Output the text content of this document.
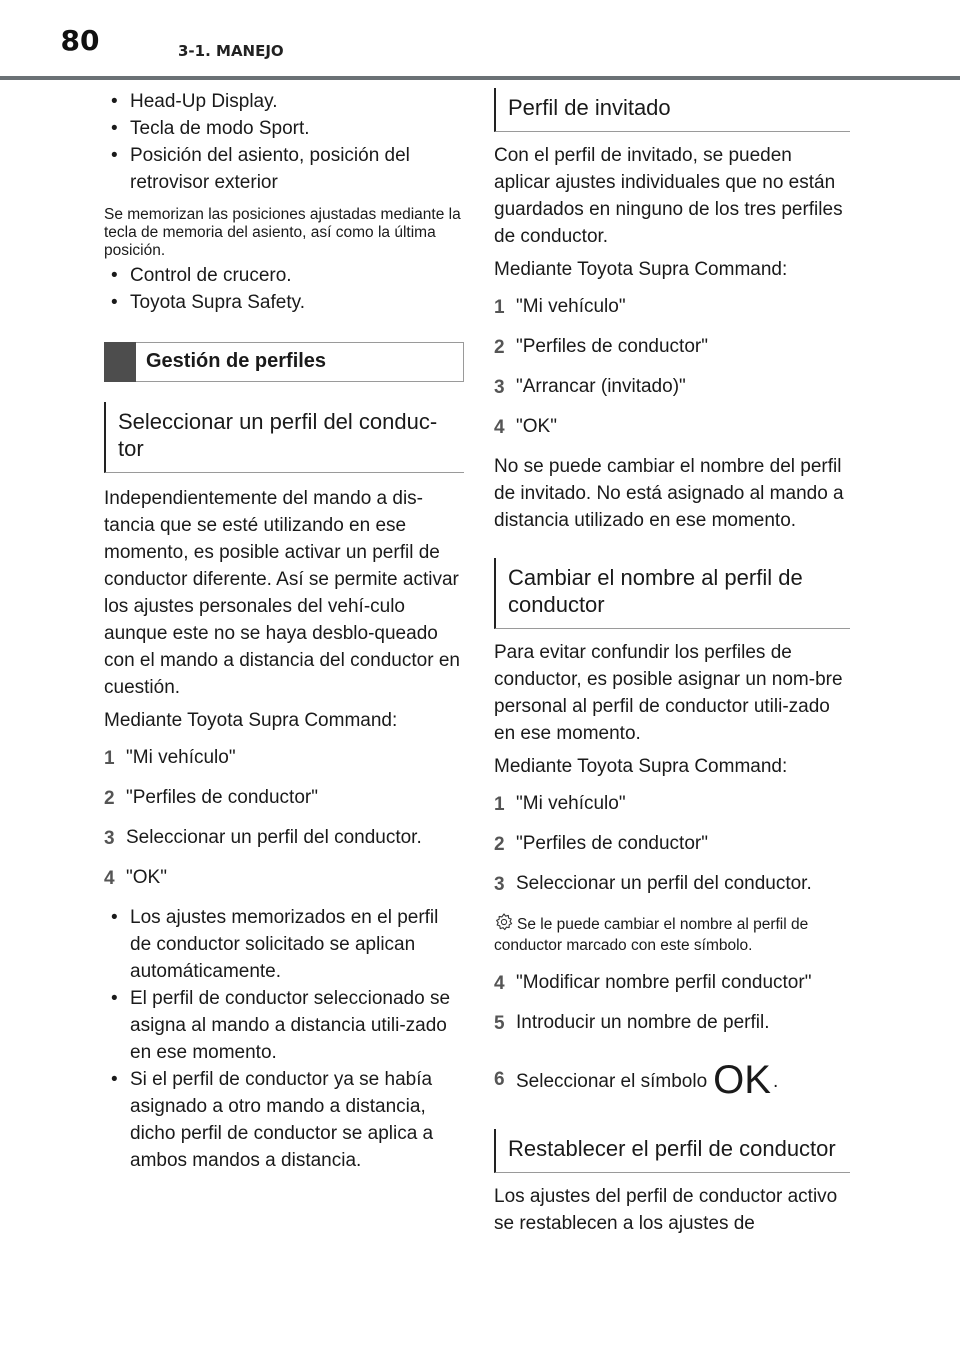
80	3-1. MANEJO
• Head-Up Display.
• Tecla de modo Sport.
• Posición del asiento, posición del retrovisor exterior

Se memorizan las posiciones ajustadas mediante la tecla de memoria del asiento, así como la última posición.

• Control de crucero.
• Toyota Supra Safety.
Gestión de perfiles
Seleccionar un perfil del conduc-tor

Independientemente del mando a dis-tancia que se esté utilizando en ese momento, es posible activar un perfil de conductor diferente. Así se permite activar los ajustes personales del vehí-culo aunque este no se haya desblo-queado con el mando a distancia del conductor en cuestión.

Mediante Toyota Supra Command:

1 "Mi vehículo"
2 "Perfiles de conductor"
3 Seleccionar un perfil del conductor.
4 "OK"
• Los ajustes memorizados en el perfil de conductor solicitado se aplican automáticamente.
• El perfil de conductor seleccionado se asigna al mando a distancia utili-zado en ese momento.
• Si el perfil de conductor ya se había asignado a otro mando a distancia, dicho perfil de conductor se aplica a ambos mandos a distancia.
Perfil de invitado

Con el perfil de invitado, se pueden aplicar ajustes individuales que no están guardados en ninguno de los tres perfiles de conductor.

Mediante Toyota Supra Command:

1 "Mi vehículo"
2 "Perfiles de conductor"
3 "Arrancar (invitado)"
4 "OK"

No se puede cambiar el nombre del perfil de invitado. No está asignado al mando a distancia utilizado en ese momento.

Cambiar el nombre al perfil de conductor

Para evitar confundir los perfiles de conductor, es posible asignar un nom-bre personal al perfil de conductor utili-zado en ese momento.

Mediante Toyota Supra Command:

1 "Mi vehículo"
2 "Perfiles de conductor"
3 Seleccionar un perfil del conductor.

Se le puede cambiar el nombre al perfil de conductor marcado con este símbolo.

4 "Modificar nombre perfil conductor"
5 Introducir un nombre de perfil.
6 Seleccionar el símbolo OK .
Restablecer el perfil de conductor

Los ajustes del perfil de conductor activo se restablecen a los ajustes de
